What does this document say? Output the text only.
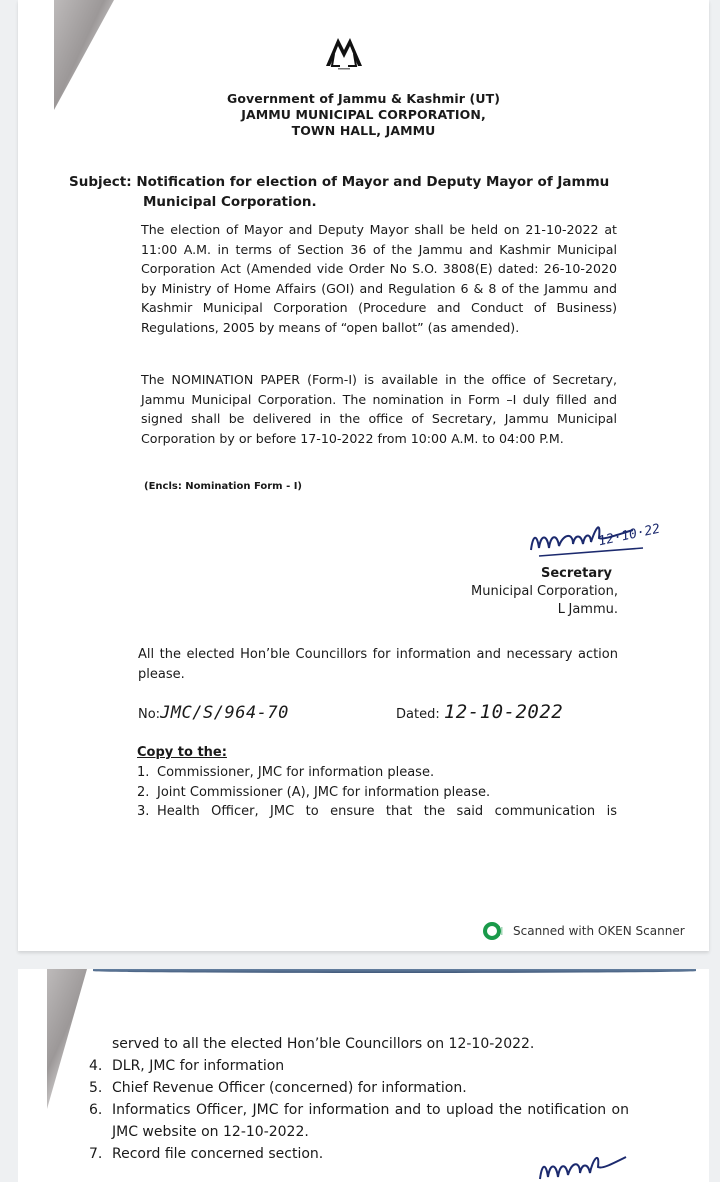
Government of Jammu & Kashmir (UT)
JAMMU MUNICIPAL CORPORATION,
TOWN HALL, JAMMU
Subject: Notification for election of Mayor and Deputy Mayor of Jammu
Municipal Corporation.
The election of Mayor and Deputy Mayor shall be held on 21-10-2022 at 11:00 A.M. in terms of Section 36 of the Jammu and Kashmir Municipal Corporation Act (Amended vide Order No S.O. 3808(E) dated: 26-10-2020 by Ministry of Home Affairs (GOI) and Regulation 6 & 8 of the Jammu and Kashmir Municipal Corporation (Procedure and Conduct of Business) Regulations, 2005 by means of “open ballot” (as amended).
The NOMINATION PAPER (Form-I) is available in the office of Secretary, Jammu Municipal Corporation. The nomination in Form –I duly filled and signed shall be delivered in the office of Secretary, Jammu Municipal Corporation by or before 17-10-2022 from 10:00 A.M. to 04:00 P.M.
(Encls: Nomination Form - I)
12·10·22
Secretary
Municipal Corporation,
L Jammu.
All the elected Hon’ble Councillors for information and necessary action please.
No:JMC/S/964-70	Dated: 12-10-2022
Copy to the:
1. Commissioner, JMC for information please.
2. Joint Commissioner (A), JMC for information please.
3. Health Officer, JMC to ensure that the said communication is
Scanned with OKEN Scanner
served to all the elected Hon’ble Councillors on 12-10-2022.
4. DLR, JMC for information
5. Chief Revenue Officer (concerned) for information.
6. Informatics Officer, JMC for information and to upload the notification on JMC website on 12-10-2022.
7. Record file concerned section.
